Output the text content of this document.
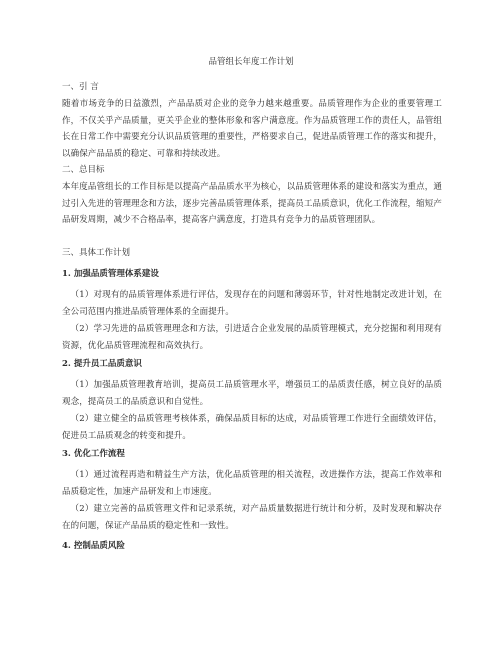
品管组长年度工作计划
一、引 言
随着市场竞争的日益激烈，产品品质对企业的竞争力越来越重要。品质管理作为企业的重要管理工作，不仅关乎产品质量，更关乎企业的整体形象和客户满意度。作为品质管理工作的责任人，品管组长在日常工作中需要充分认识品质管理的重要性，严格要求自己，促进品质管理工作的落实和提升，以确保产品品质的稳定、可靠和持续改进。
二、总目标
本年度品管组长的工作目标是以提高产品品质水平为核心，以品质管理体系的建设和落实为重点，通过引入先进的管理理念和方法，逐步完善品质管理体系，提高员工品质意识，优化工作流程，缩短产品研发周期，减少不合格品率，提高客户满意度，打造具有竞争力的品质管理团队。
三、具体工作计划
1. 加强品质管理体系建设
（1）对现有的品质管理体系进行评估，发现存在的问题和薄弱环节，针对性地制定改进计划，在全公司范围内推进品质管理体系的全面提升。
（2）学习先进的品质管理理念和方法，引进适合企业发展的品质管理模式，充分挖掘和利用现有资源，优化品质管理流程和高效执行。
2. 提升员工品质意识
（1）加强品质管理教育培训，提高员工品质管理水平，增强员工的品质责任感，树立良好的品质观念，提高员工的品质意识和自觉性。
（2）建立健全的品质管理考核体系，确保品质目标的达成，对品质管理工作进行全面绩效评估，促进员工品质观念的转变和提升。
3. 优化工作流程
（1）通过流程再造和精益生产方法，优化品质管理的相关流程，改进操作方法，提高工作效率和品质稳定性，加速产品研发和上市速度。
（2）建立完善的品质管理文件和记录系统，对产品质量数据进行统计和分析，及时发现和解决存在的问题，保证产品品质的稳定性和一致性。
4. 控制品质风险
